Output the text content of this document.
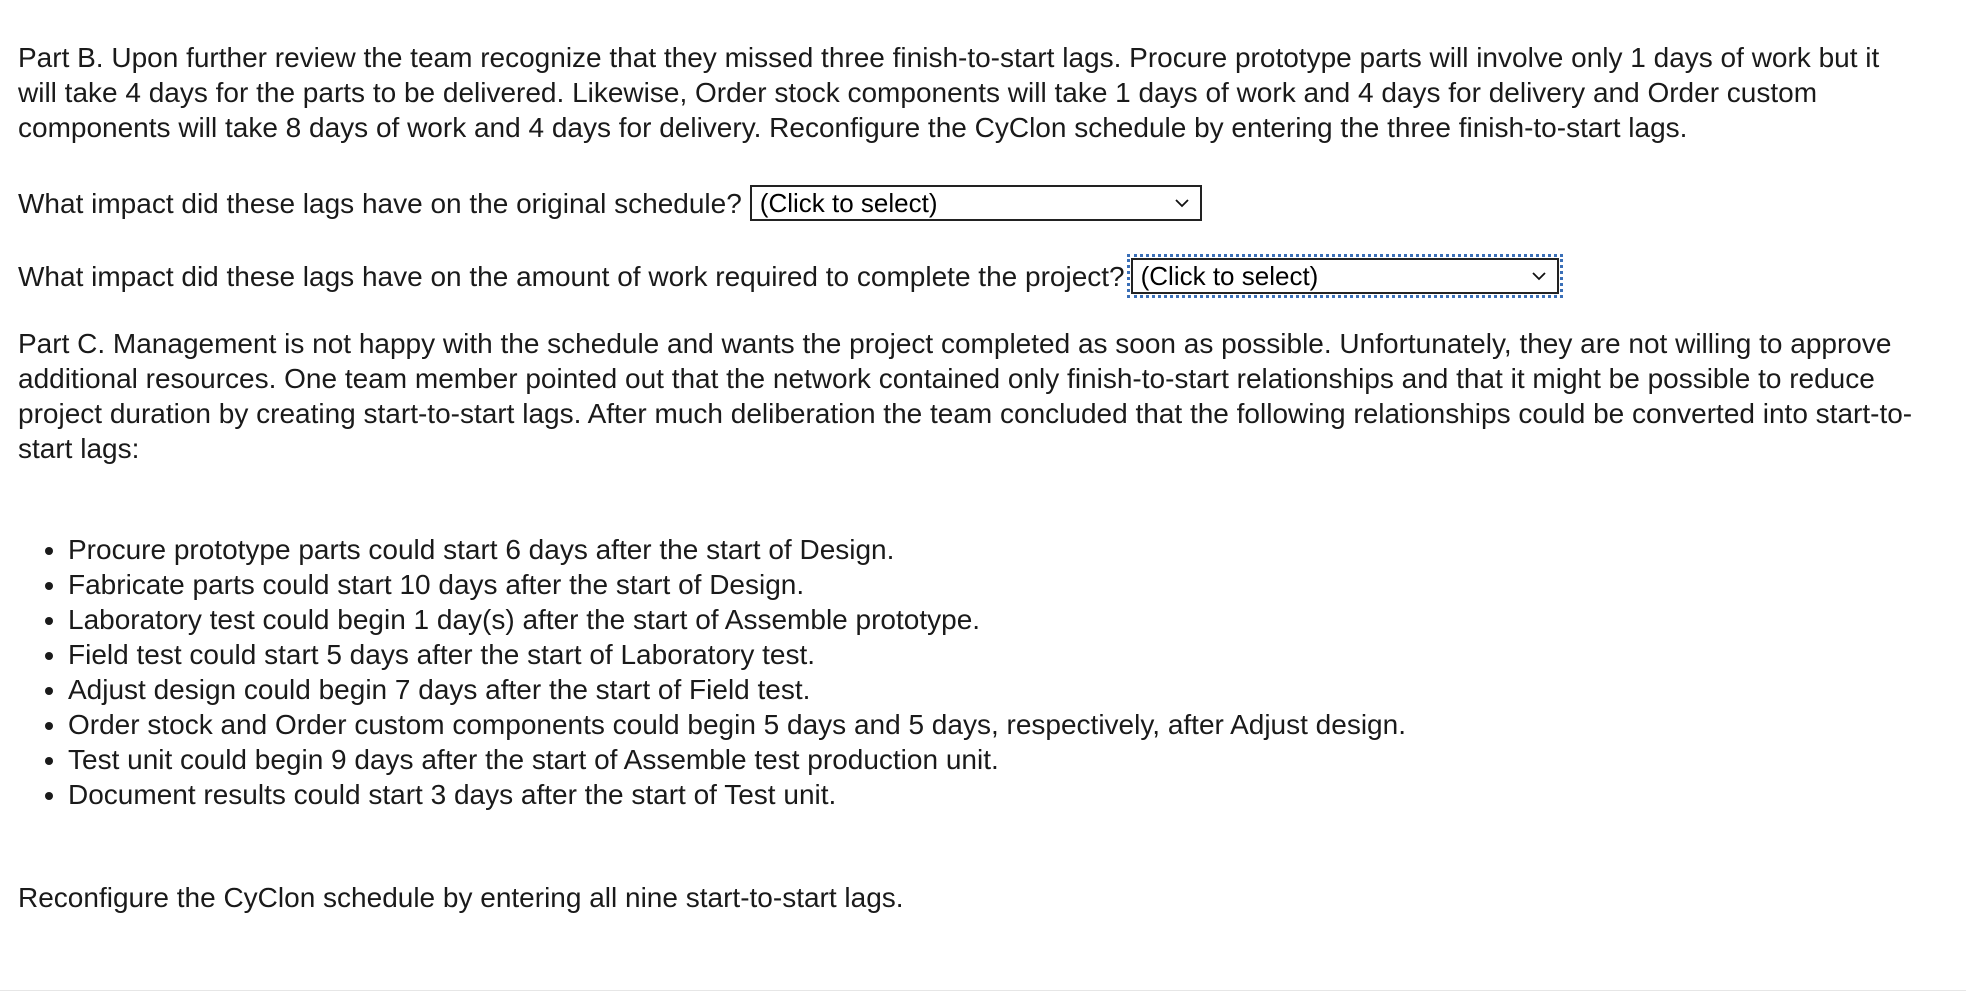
Part B. Upon further review the team recognize that they missed three finish-to-start lags. Procure prototype parts will involve only 1 days of work but it will take 4 days for the parts to be delivered. Likewise, Order stock components will take 1 days of work and 4 days for delivery and Order custom components will take 8 days of work and 4 days for delivery. Reconfigure the CyClon schedule by entering the three finish-to-start lags.

What impact did these lags have on the original schedule? (Click to select)
What impact did these lags have on the amount of work required to complete the project? (Click to select)

Part C. Management is not happy with the schedule and wants the project completed as soon as possible. Unfortunately, they are not willing to approve additional resources. One team member pointed out that the network contained only finish-to-start relationships and that it might be possible to reduce project duration by creating start-to-start lags. After much deliberation the team concluded that the following relationships could be converted into start-to-start lags:

• Procure prototype parts could start 6 days after the start of Design.
• Fabricate parts could start 10 days after the start of Design.
• Laboratory test could begin 1 day(s) after the start of Assemble prototype.
• Field test could start 5 days after the start of Laboratory test.
• Adjust design could begin 7 days after the start of Field test.
• Order stock and Order custom components could begin 5 days and 5 days, respectively, after Adjust design.
• Test unit could begin 9 days after the start of Assemble test production unit.
• Document results could start 3 days after the start of Test unit.

Reconfigure the CyClon schedule by entering all nine start-to-start lags.
